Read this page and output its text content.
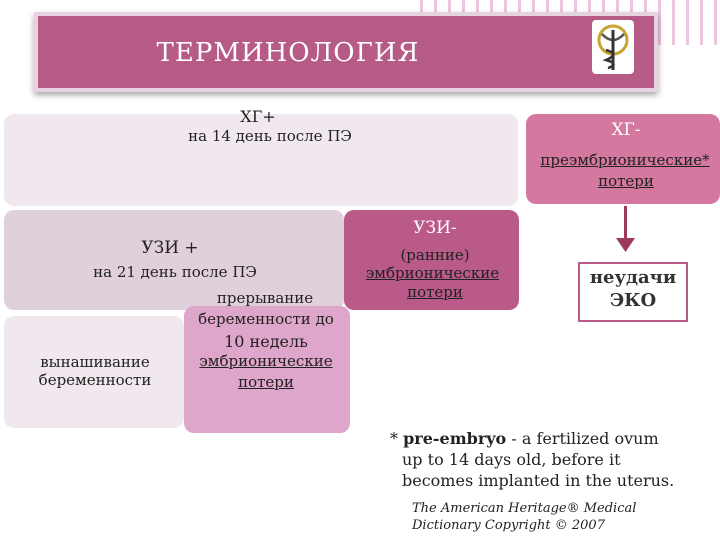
ТЕРМИНОЛОГИЯ
ХГ+
на 14 день после ПЭ	ХГ-
преэмбрионические*
потери
УЗИ +
на 21 день после ПЭ
УЗИ-
(ранние)
эмбрионические
потери
вынашивание
беременности
прерывание
беременности до
10 недель
эмбрионические
потери
неудачи
ЭКО
* pre-embryo - a fertilized ovum
up to 14 days old, before it
becomes implanted in the uterus.
The American Heritage® Medical
Dictionary Copyright © 2007
